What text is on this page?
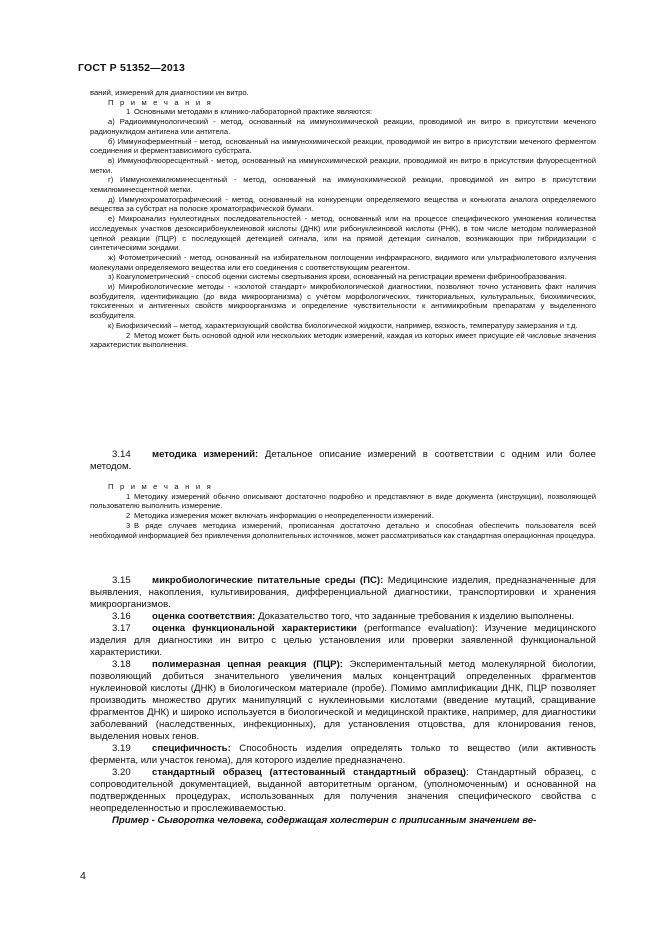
ГОСТ Р 51352—2013

ваний, измерений для диагностики ин витро.

П р и м е ч а н и я

1 Основными методами в клинико-лабораторной практике являются:

а) Радиоиммунологический - метод, основанный на иммунохимической реакции, проводимой ин витро в присутствии меченого радионуклидом антигена или антитела.

б) Иммуноферментный - метод, основанный на иммунохимической реакции, проводимой ин витро в присутствии меченого ферментом соединения и ферментзависимого субстрата.

в) Иммунофлюоресцентный - метод, основанный на иммунохимической реакции, проводимой ин витро в присутствии флуоресцентной метки.

г) Иммунохемилюминесцентный - метод, основанный на иммунохимической реакции, проводимой ин витро в присутствии хемилюминесцентной метки.

д) Иммунохроматографический - метод, основанный на конкуренции определяемого вещества и коньюгата аналога определяемого вещества за субстрат на полоске хроматографической бумаги.

е) Микроанализ нуклеотидных последовательностей - метод, основанный или на процессе специфического умножения количества исследуемых участков дезоксирибонуклеиновой кислоты (ДНК) или рибонуклеиновой кислоты (РНК), в том числе методом полимеразной цепной реакции (ПЦР) с последующей детекцией сигнала, или на прямой детекции сигналов, возникающих при гибридизации с синтетическими зондами.

ж) Фотометрический - метод, основанный на избирательном поглощении инфракрасного, видимого или ультрафиолетового излучения молекулами определяемого вещества или его соединения с соответствующим реагентом.

з) Коагулометрический - способ оценки системы свертывания крови, основанный на регистрации времени фибринообразования.

и) Микробиологические методы - «золотой стандарт» микробиологической диагностики, позволяют точно установить факт наличия возбудителя, идентификацию (до вида микроорганизма) с учётом морфологических, тинкториальных, культуральных, биохимических, токсигенных и антигенных свойств микроорганизма и определение чувствительности к антимикробным препаратам у выделенного возбудителя.

к) Биофизический – метод, характеризующий свойства биологической жидкости, например, вязкость, температуру замерзания и т.д.

2 Метод может быть основой одной или нескольких методик измерений, каждая из которых имеет присущие ей числовые значения характеристик выполнения.

3.14 методика измерений: Детальное описание измерений в соответствии с одним или более методом.

П р и м е ч а н и я

1 Методику измерений обычно описывают достаточно подробно и представляют в виде документа (инструкции), позволяющей пользователю выполнить измерение.

2 Методика измерения может включать информацию о неопределенности измерений.

3 В ряде случаев методика измерений, прописанная достаточно детально и способная обеспечить пользователя всей необходимой информацией без привлечения дополнительных источников, может рассматриваться как стандартная операционная процедура.

3.15 микробиологические питательные среды (ПС): Медицинские изделия, предназначенные для выявления, накопления, культивирования, дифференциальной диагностики, транспортировки и хранения микроорганизмов.

3.16 оценка соответствия: Доказательство того, что заданные требования к изделию выполнены.

3.17 оценка функциональной характеристики (performance evaluation): Изучение медицинского изделия для диагностики ин витро с целью установления или проверки заявленной функциональной характеристики.

3.18 полимеразная цепная реакция (ПЦР): Экспериментальный метод молекулярной биологии, позволяющий добиться значительного увеличения малых концентраций определенных фрагментов нуклеиновой кислоты (ДНК) в биологическом материале (пробе). Помимо амплификации ДНК, ПЦР позволяет производить множество других манипуляций с нуклеиновыми кислотами (введение мутаций, сращивание фрагментов ДНК) и широко используется в биологической и медицинской практике, например, для диагностики заболеваний (наследственных, инфекционных), для установления отцовства, для клонирования генов, выделения новых генов.

3.19 специфичность: Способность изделия определять только то вещество (или активность фермента, или участок генома), для которого изделие предназначено.

3.20 стандартный образец (аттестованный стандартный образец): Стандартный образец, с сопроводительной документацией, выданной авторитетным органом, (уполномоченным) и основанной на подтвержденных процедурах, использованных для получения значения специфического свойства с неопределенностью и прослеживаемостью.

Пример - Сыворотка человека, содержащая холестерин с приписанным значением ве-

4
